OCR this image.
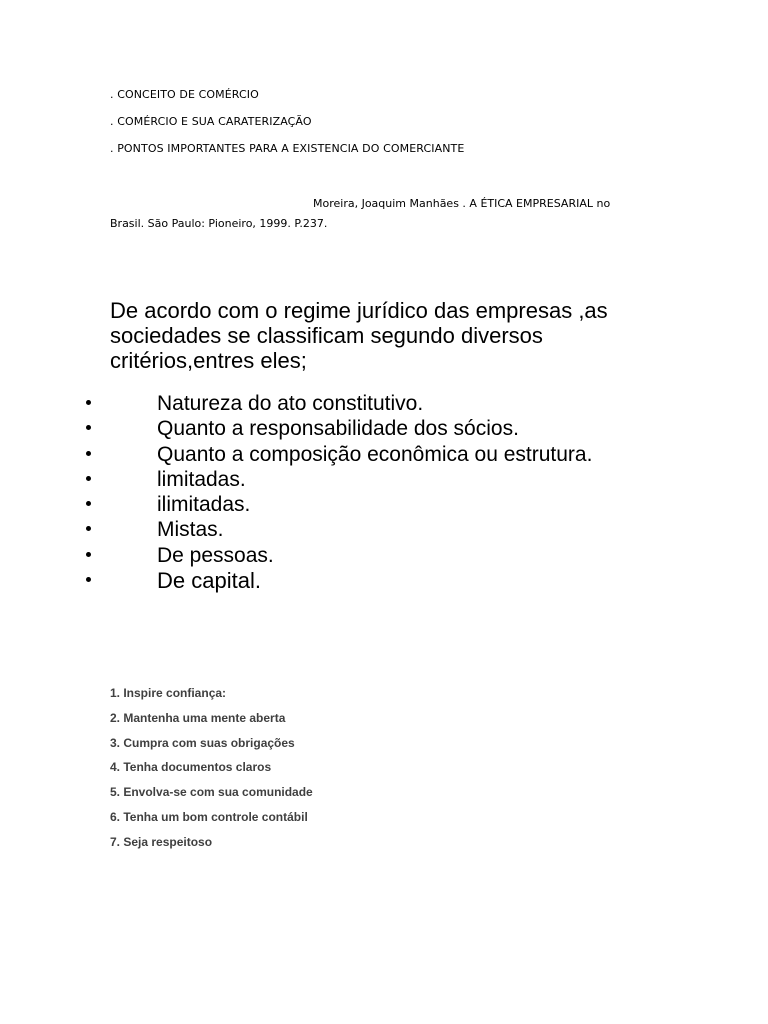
. CONCEITO DE COMÉRCIO
. COMÉRCIO E SUA CARATERIZAÇÃO
. PONTOS IMPORTANTES PARA A EXISTENCIA DO COMERCIANTE
Moreira, Joaquim Manhães . A ÉTICA EMPRESARIAL no
Brasil. São Paulo: Pioneiro, 1999. P.237.
De acordo com o regime jurídico das empresas ,as sociedades se classificam segundo diversos critérios,entres eles;
Natureza do ato constitutivo.
Quanto a responsabilidade dos sócios.
Quanto a composição econômica ou estrutura.
limitadas.
ilimitadas.
Mistas.
De pessoas.
De capital.
1. Inspire confiança:
2. Mantenha uma mente aberta
3. Cumpra com suas obrigações
4. Tenha documentos claros
5. Envolva-se com sua comunidade
6. Tenha um bom controle contábil
7. Seja respeitoso
